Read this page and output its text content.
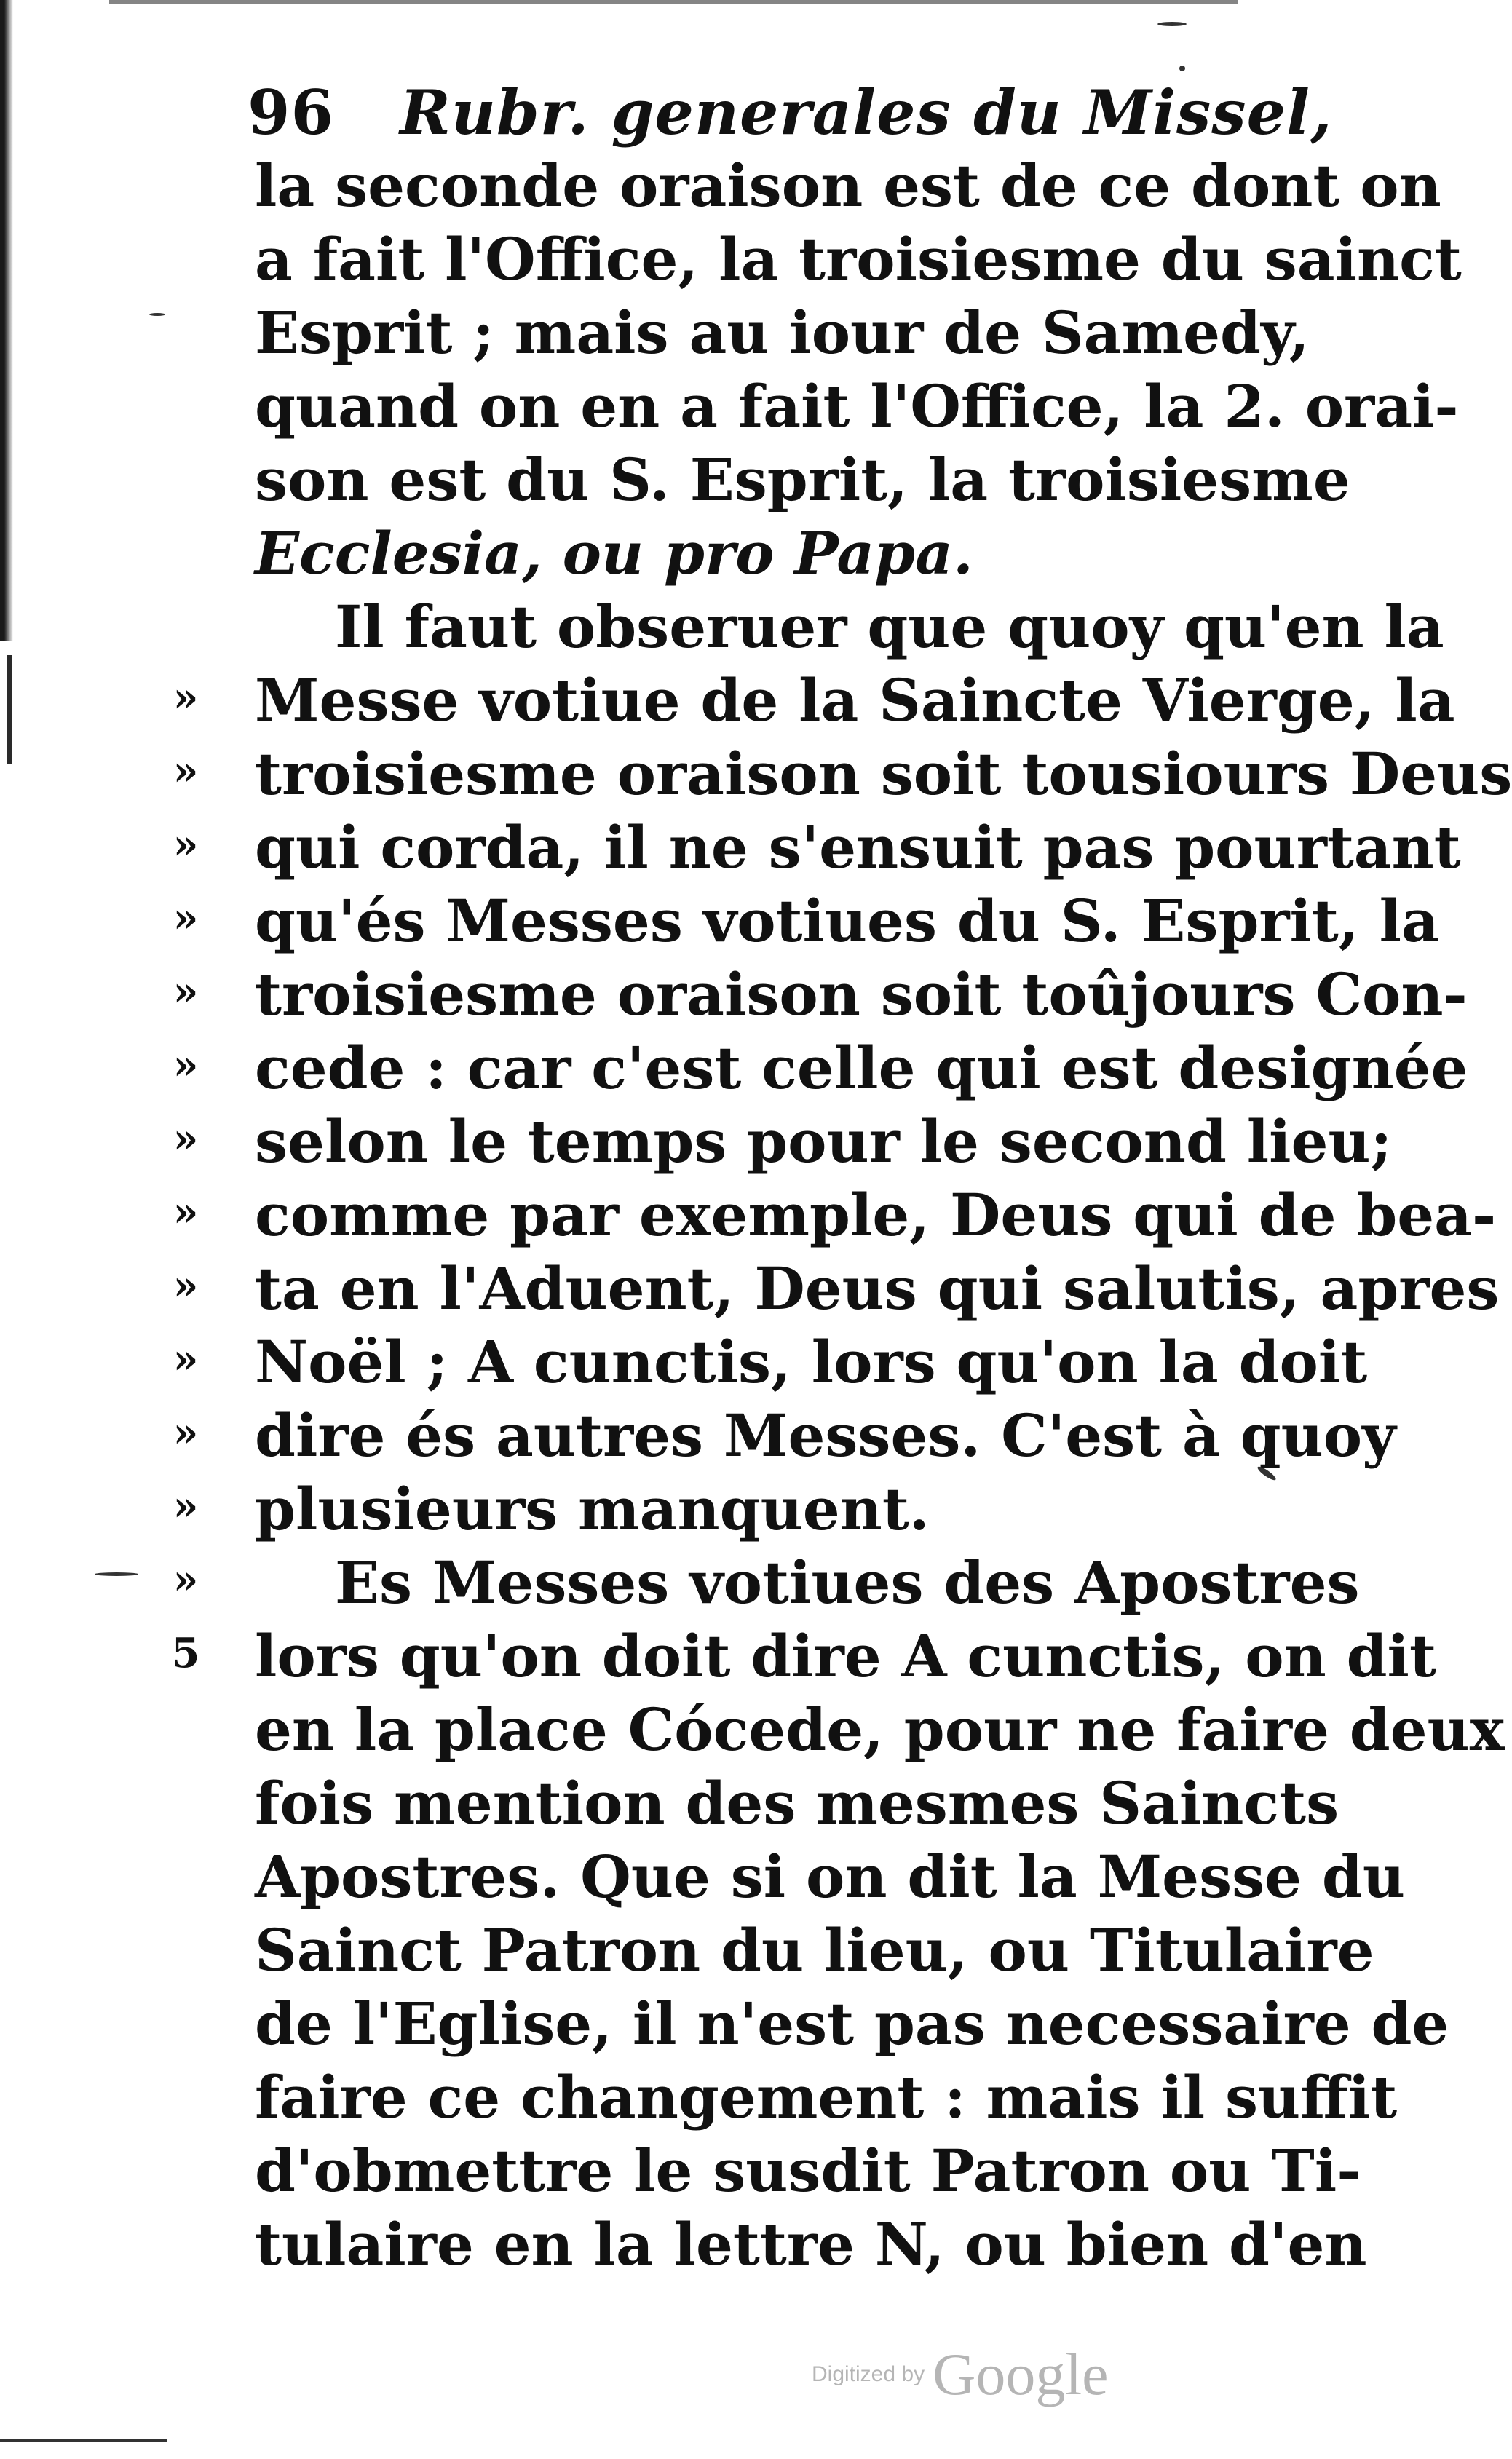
96 Rubr. generales du Missel,
la seconde oraison est de ce dont on
a fait l'Office, la troisiesme du sainct
Esprit ; mais au iour de Samedy,
quand on en a fait l'Office, la 2. orai-
son est du S. Esprit, la troisiesme
Ecclesia, ou pro Papa.
Il faut obseruer que quoy qu'en la
Messe votiue de la Saincte Vierge, la
troisiesme oraison soit tousiours Deus
qui corda, il ne s'ensuit pas pourtant
qu'és Messes votiues du S. Esprit, la
troisiesme oraison soit toûjours Con-
cede : car c'est celle qui est designée
selon le temps pour le second lieu;
comme par exemple, Deus qui de bea-
ta en l'Aduent, Deus qui salutis, apres
Noël ; A cunctis, lors qu'on la doit
dire és autres Messes. C'est à quoy
plusieurs manquent.
Es Messes votiues des Apostres
lors qu'on doit dire A cunctis, on dit
en la place Cócede, pour ne faire deux
fois mention des mesmes Saincts
Apostres. Que si on dit la Messe du
Sainct Patron du lieu, ou Titulaire
de l'Eglise, il n'est pas necessaire de
faire ce changement : mais il suffit
d'obmettre le susdit Patron ou Ti-
tulaire en la lettre N, ou bien d'en
»
»
»
»
»
»
»
»
»
»
»
»
»
5
Digitized by Google
